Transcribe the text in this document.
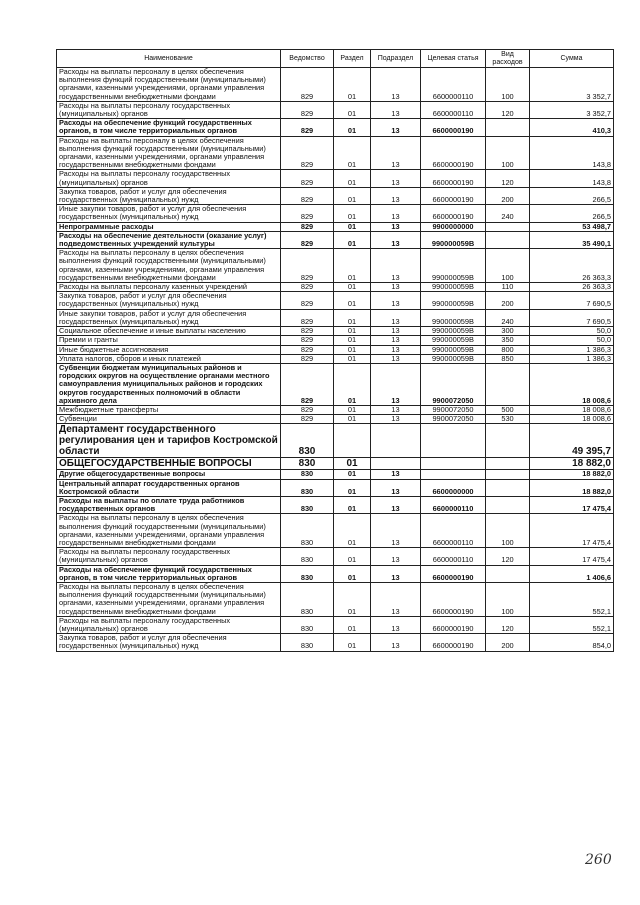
Наименование	Ведомство	Раздел	Подраздел	Целевая статья	Вид расходов	Сумма
Расходы на выплаты персоналу в целях обеспечения выполнения функций государственными (муниципальными) органами, казенными учреждениями, органами управления государственными внебюджетными фондами	829	01	13	6600000110	100	3 352,7
Расходы на выплаты персоналу государственных (муниципальных) органов	829	01	13	6600000110	120	3 352,7
Расходы на обеспечение функций государственных органов, в том числе территориальных органов	829	01	13	6600000190		410,3
Расходы на выплаты персоналу в целях обеспечения выполнения функций государственными (муниципальными) органами, казенными учреждениями, органами управления государственными внебюджетными фондами	829	01	13	6600000190	100	143,8
Расходы на выплаты персоналу государственных (муниципальных) органов	829	01	13	6600000190	120	143,8
Закупка товаров, работ и услуг для обеспечения государственных (муниципальных) нужд	829	01	13	6600000190	200	266,5
Иные закупки товаров, работ и услуг для обеспечения государственных (муниципальных) нужд	829	01	13	6600000190	240	266,5
Непрограммные расходы	829	01	13	9900000000		53 498,7
Расходы на обеспечение деятельности (оказание услуг) подведомственных учреждений культуры	829	01	13	990000059B		35 490,1
Расходы на выплаты персоналу в целях обеспечения выполнения функций государственными (муниципальными) органами, казенными учреждениями, органами управления государственными внебюджетными фондами	829	01	13	990000059B	100	26 363,3
Расходы на выплаты персоналу казенных учреждений	829	01	13	990000059B	110	26 363,3
Закупка товаров, работ и услуг для обеспечения государственных (муниципальных) нужд	829	01	13	990000059B	200	7 690,5
Иные закупки товаров, работ и услуг для обеспечения государственных (муниципальных) нужд	829	01	13	990000059B	240	7 690,5
Социальное обеспечение и иные выплаты населению	829	01	13	990000059B	300	50,0
Премии и гранты	829	01	13	990000059B	350	50,0
Иные бюджетные ассигнования	829	01	13	990000059B	800	1 386,3
Уплата налогов, сборов и иных платежей	829	01	13	990000059B	850	1 386,3
Субвенции бюджетам муниципальных районов и городских округов на осуществление органами местного самоуправления муниципальных районов и городских округов государственных полномочий в области архивного дела	829	01	13	9900072050		18 008,6
Межбюджетные трансферты	829	01	13	9900072050	500	18 008,6
Субвенции	829	01	13	9900072050	530	18 008,6
Департамент государственного регулирования цен и тарифов Костромской области	830					49 395,7
ОБЩЕГОСУДАРСТВЕННЫЕ ВОПРОСЫ	830	01				18 882,0
Другие общегосударственные вопросы	830	01	13			18 882,0
Центральный аппарат государственных органов Костромской области	830	01	13	6600000000		18 882,0
Расходы на выплаты по оплате труда работников государственных органов	830	01	13	6600000110		17 475,4
Расходы на выплаты персоналу в целях обеспечения выполнения функций государственными (муниципальными) органами, казенными учреждениями, органами управления государственными внебюджетными фондами	830	01	13	6600000110	100	17 475,4
Расходы на выплаты персоналу государственных (муниципальных) органов	830	01	13	6600000110	120	17 475,4
Расходы на обеспечение функций государственных органов, в том числе территориальных органов	830	01	13	6600000190		1 406,6
Расходы на выплаты персоналу в целях обеспечения выполнения функций государственными (муниципальными) органами, казенными учреждениями, органами управления государственными внебюджетными фондами	830	01	13	6600000190	100	552,1
Расходы на выплаты персоналу государственных (муниципальных) органов	830	01	13	6600000190	120	552,1
Закупка товаров, работ и услуг для обеспечения государственных (муниципальных) нужд	830	01	13	6600000190	200	854,0
260
